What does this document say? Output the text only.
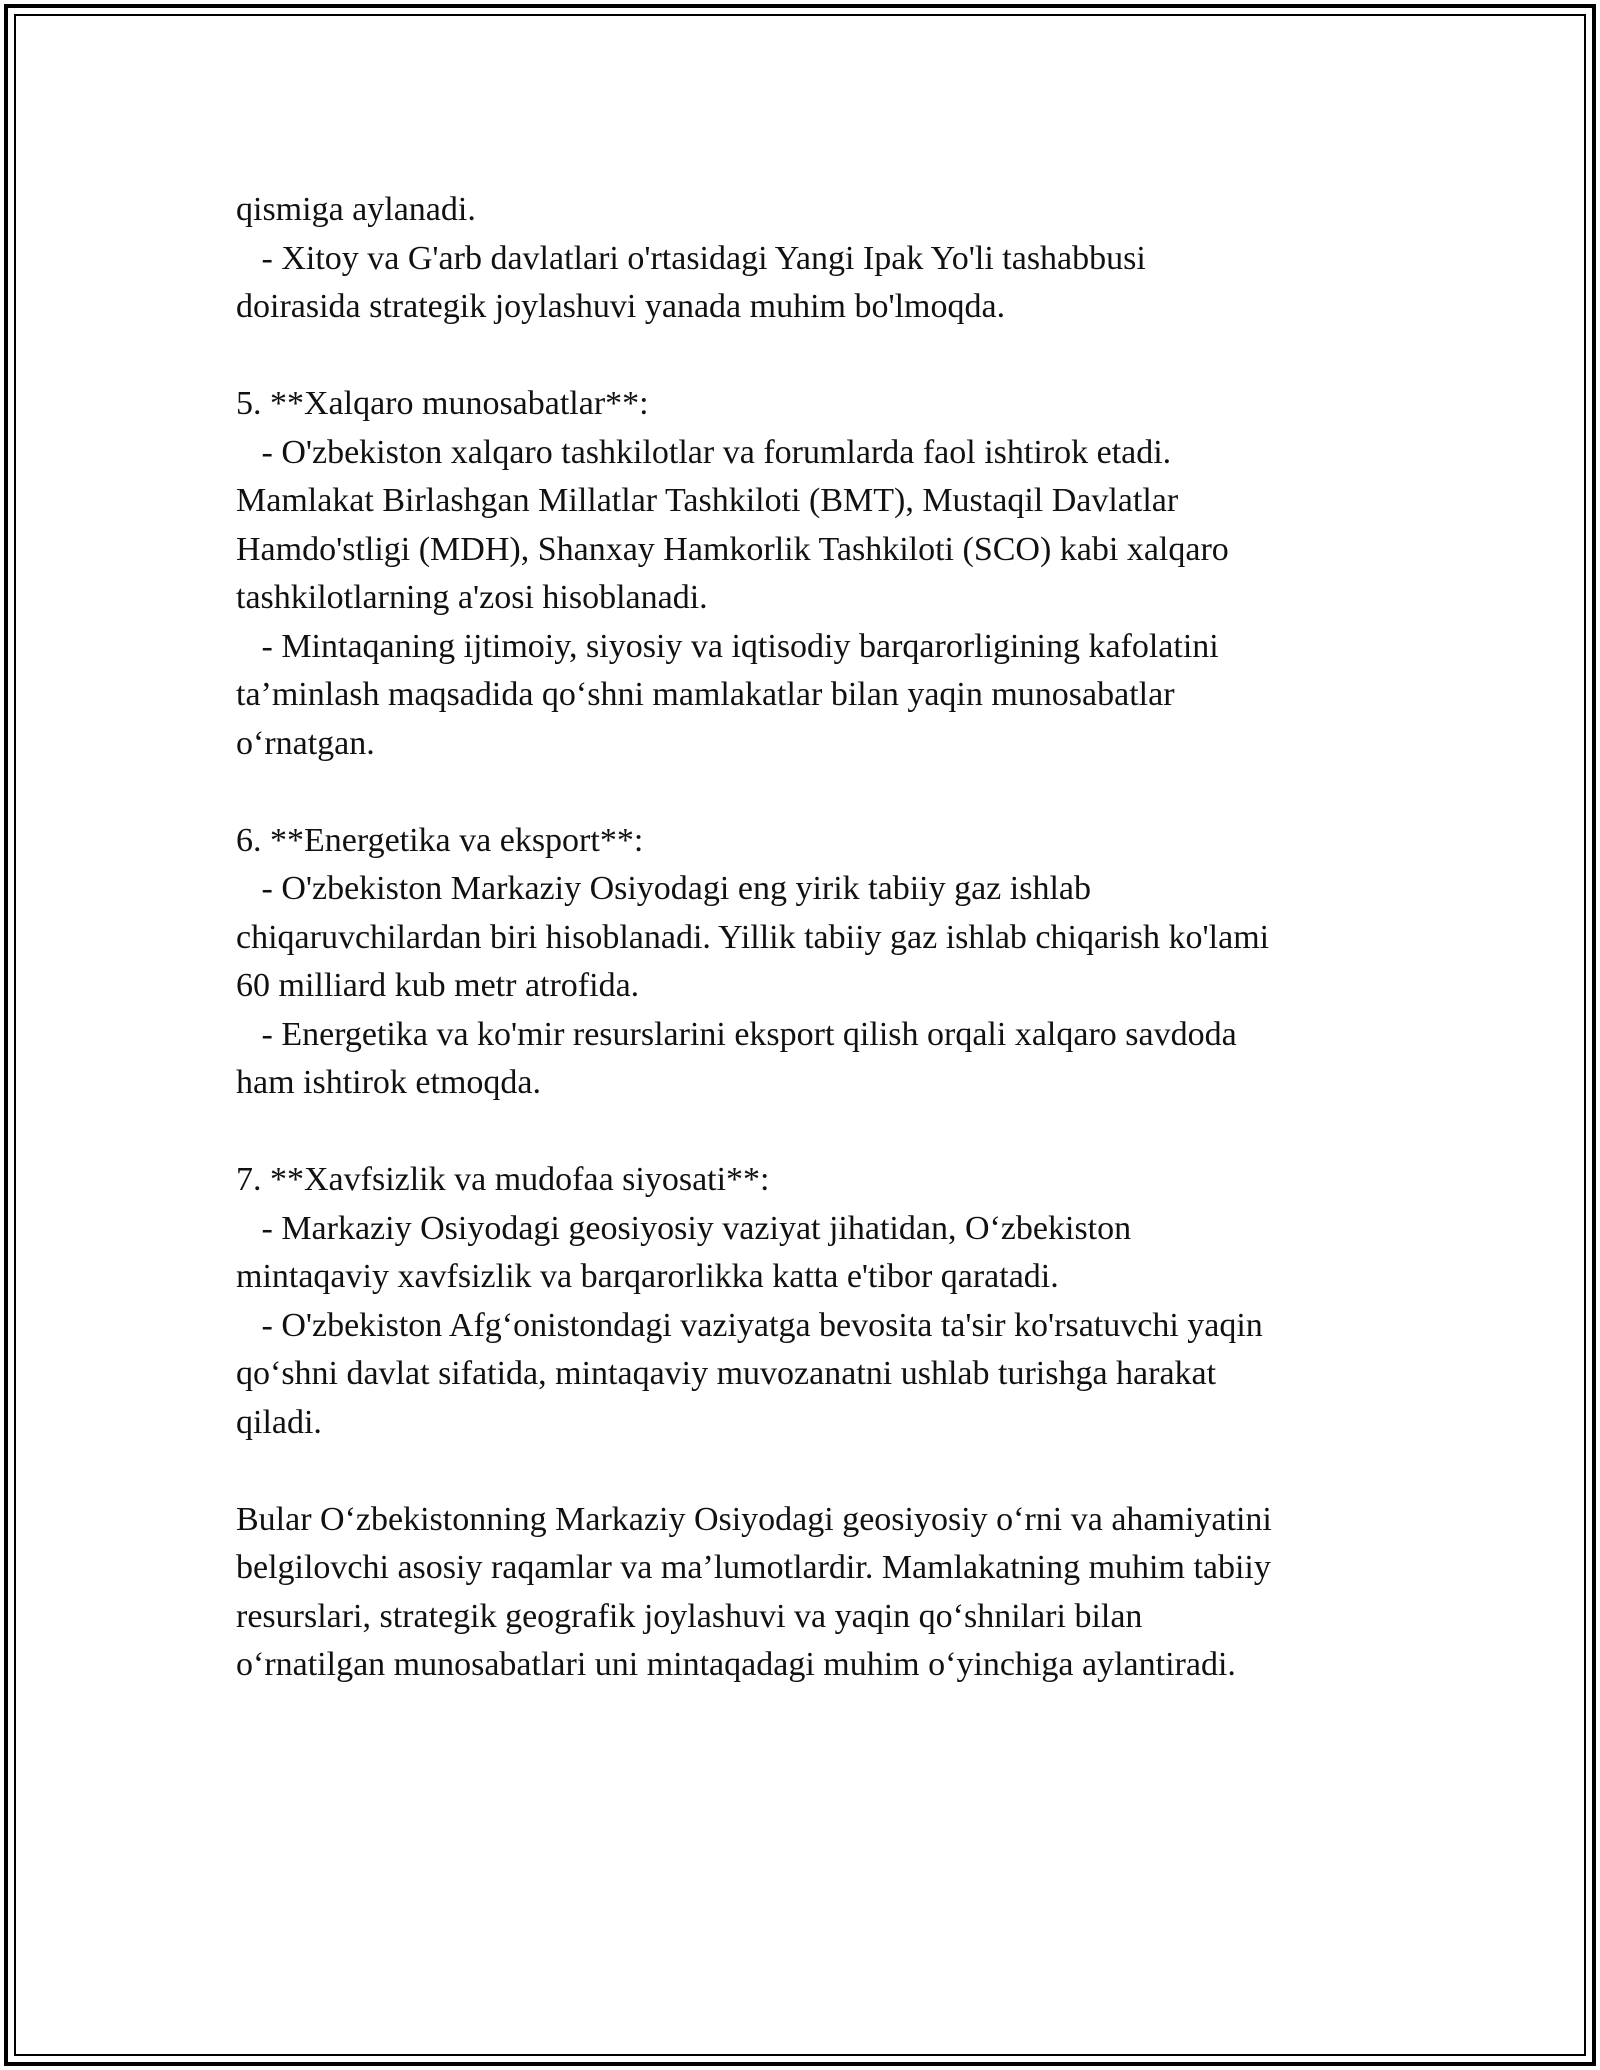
qismiga aylanadi.
- Xitoy va G'arb davlatlari o'rtasidagi Yangi Ipak Yo'li tashabbusi
doirasida strategik joylashuvi yanada muhim bo'lmoqda.
5. **Xalqaro munosabatlar**:
- O'zbekiston xalqaro tashkilotlar va forumlarda faol ishtirok etadi.
Mamlakat Birlashgan Millatlar Tashkiloti (BMT), Mustaqil Davlatlar
Hamdo'stligi (MDH), Shanxay Hamkorlik Tashkiloti (SCO) kabi xalqaro
tashkilotlarning a'zosi hisoblanadi.
- Mintaqaning ijtimoiy, siyosiy va iqtisodiy barqarorligining kafolatini
ta’minlash maqsadida qo‘shni mamlakatlar bilan yaqin munosabatlar
o‘rnatgan.
6. **Energetika va eksport**:
- O'zbekiston Markaziy Osiyodagi eng yirik tabiiy gaz ishlab
chiqaruvchilardan biri hisoblanadi. Yillik tabiiy gaz ishlab chiqarish ko'lami
60 milliard kub metr atrofida.
- Energetika va ko'mir resurslarini eksport qilish orqali xalqaro savdoda
ham ishtirok etmoqda.
7. **Xavfsizlik va mudofaa siyosati**:
- Markaziy Osiyodagi geosiyosiy vaziyat jihatidan, O‘zbekiston
mintaqaviy xavfsizlik va barqarorlikka katta e'tibor qaratadi.
- O'zbekiston Afg‘onistondagi vaziyatga bevosita ta'sir ko'rsatuvchi yaqin
qo‘shni davlat sifatida, mintaqaviy muvozanatni ushlab turishga harakat
qiladi.
Bular O‘zbekistonning Markaziy Osiyodagi geosiyosiy o‘rni va ahamiyatini
belgilovchi asosiy raqamlar va ma’lumotlardir. Mamlakatning muhim tabiiy
resurslari, strategik geografik joylashuvi va yaqin qo‘shnilari bilan
o‘rnatilgan munosabatlari uni mintaqadagi muhim o‘yinchiga aylantiradi.
